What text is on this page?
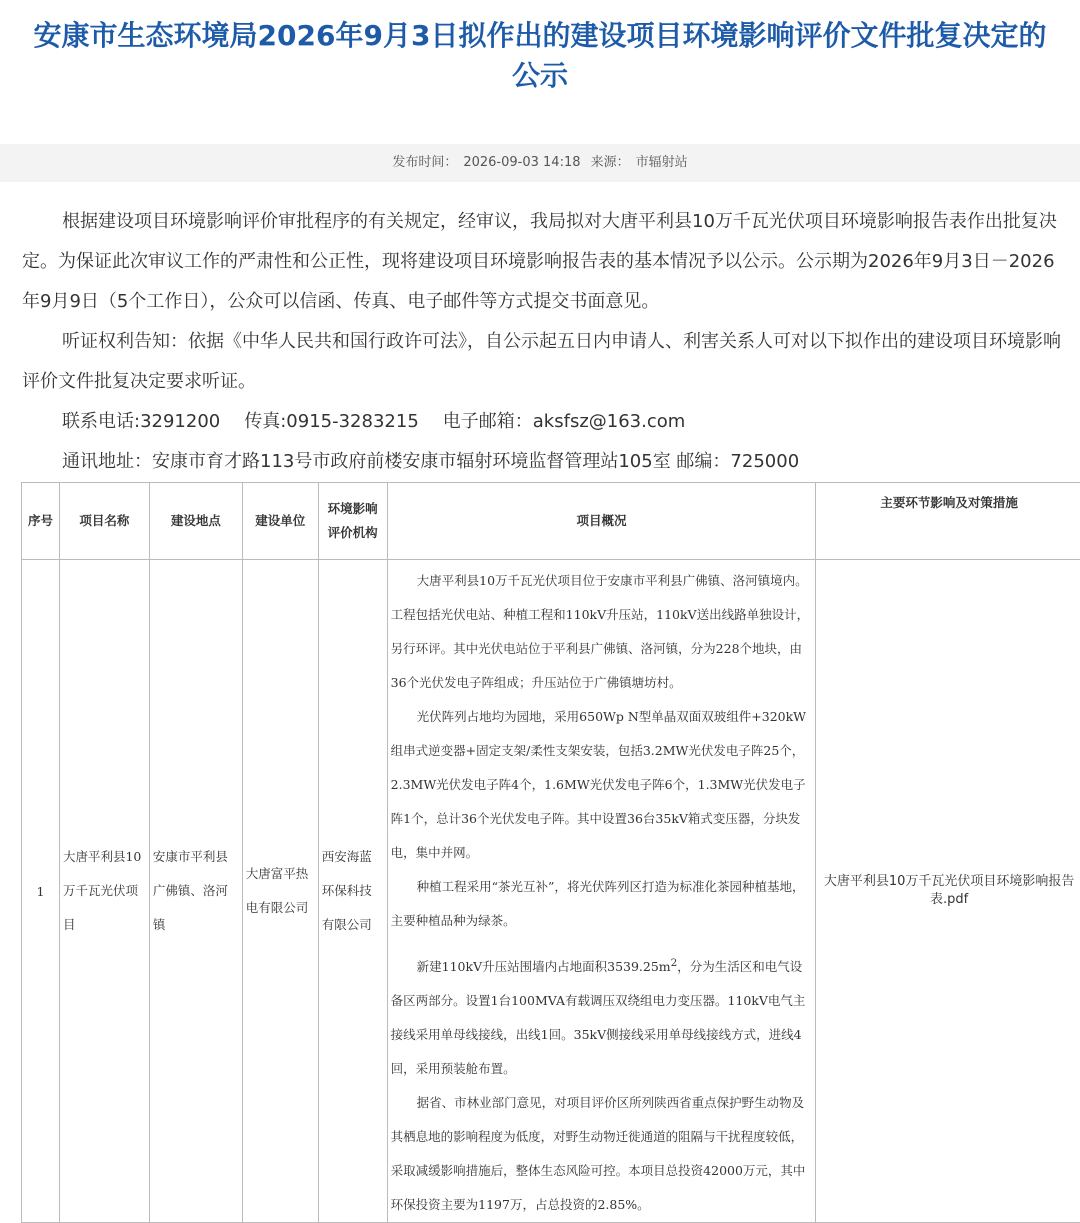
安康市生态环境局2026年9月3日拟作出的建设项目环境影响评价文件批复决定的公示
发布时间： 2026-09-03 14:18 来源： 市辐射站

根据建设项目环境影响评价审批程序的有关规定，经审议，我局拟对大唐平利县10万千瓦光伏项目环境影响报告表作出批复决定。为保证此次审议工作的严肃性和公正性，现将建设项目环境影响报告表的基本情况予以公示。公示期为2026年9月3日－2026年9月9日（5个工作日），公众可以信函、传真、电子邮件等方式提交书面意见。

听证权利告知：依据《中华人民共和国行政许可法》，自公示起五日内申请人、利害关系人可对以下拟作出的建设项目环境影响评价文件批复决定要求听证。

联系电话:3291200 传真:0915-3283215 电子邮箱：aksfsz@163.com

通讯地址：安康市育才路113号市政府前楼安康市辐射环境监督管理站105室 邮编：725000

序号	项目名称	建设地点	建设单位	环境影响
评价机构	项目概况	主要环节影响及对策措施
1	大唐平利县10万千瓦光伏项目	安康市平利县广佛镇、洛河镇	大唐富平热电有限公司	西安海蓝环保科技有限公司	大唐平利县10万千瓦光伏项目位于安康市平利县广佛镇、洛河镇境内。工程包括光伏电站、种植工程和110kV升压站，110kV送出线路单独设计，另行环评。其中光伏电站位于平利县广佛镇、洛河镇，分为228个地块，由36个光伏发电子阵组成；升压站位于广佛镇塘坊村。

光伏阵列占地均为园地，采用650Wp N型单晶双面双玻组件+320kW组串式逆变器+固定支架/柔性支架安装，包括3.2MW光伏发电子阵25个，2.3MW光伏发电子阵4个，1.6MW光伏发电子阵6个，1.3MW光伏发电子阵1个，总计36个光伏发电子阵。其中设置36台35kV箱式变压器，分块发电，集中并网。

种植工程采用“茶光互补”，将光伏阵列区打造为标准化茶园种植基地，主要种植品种为绿茶。

新建110kV升压站围墙内占地面积$3539.25m^2$，分为生活区和电气设备区两部分。设置1台100MVA有载调压双绕组电力变压器。110kV电气主接线采用单母线接线，出线1回。35kV侧接线采用单母线接线方式，进线4回，采用预装舱布置。

据省、市林业部门意见，对项目评价区所列陕西省重点保护野生动物及其栖息地的影响程度为低度，对野生动物迁徙通道的阻隔与干扰程度较低，采取减缓影响措施后，整体生态风险可控。本项目总投资42000万元，其中环保投资主要为1197万，占总投资的2.85%。	大唐平利县10万千瓦光伏项目环境影响报告表.pdf
